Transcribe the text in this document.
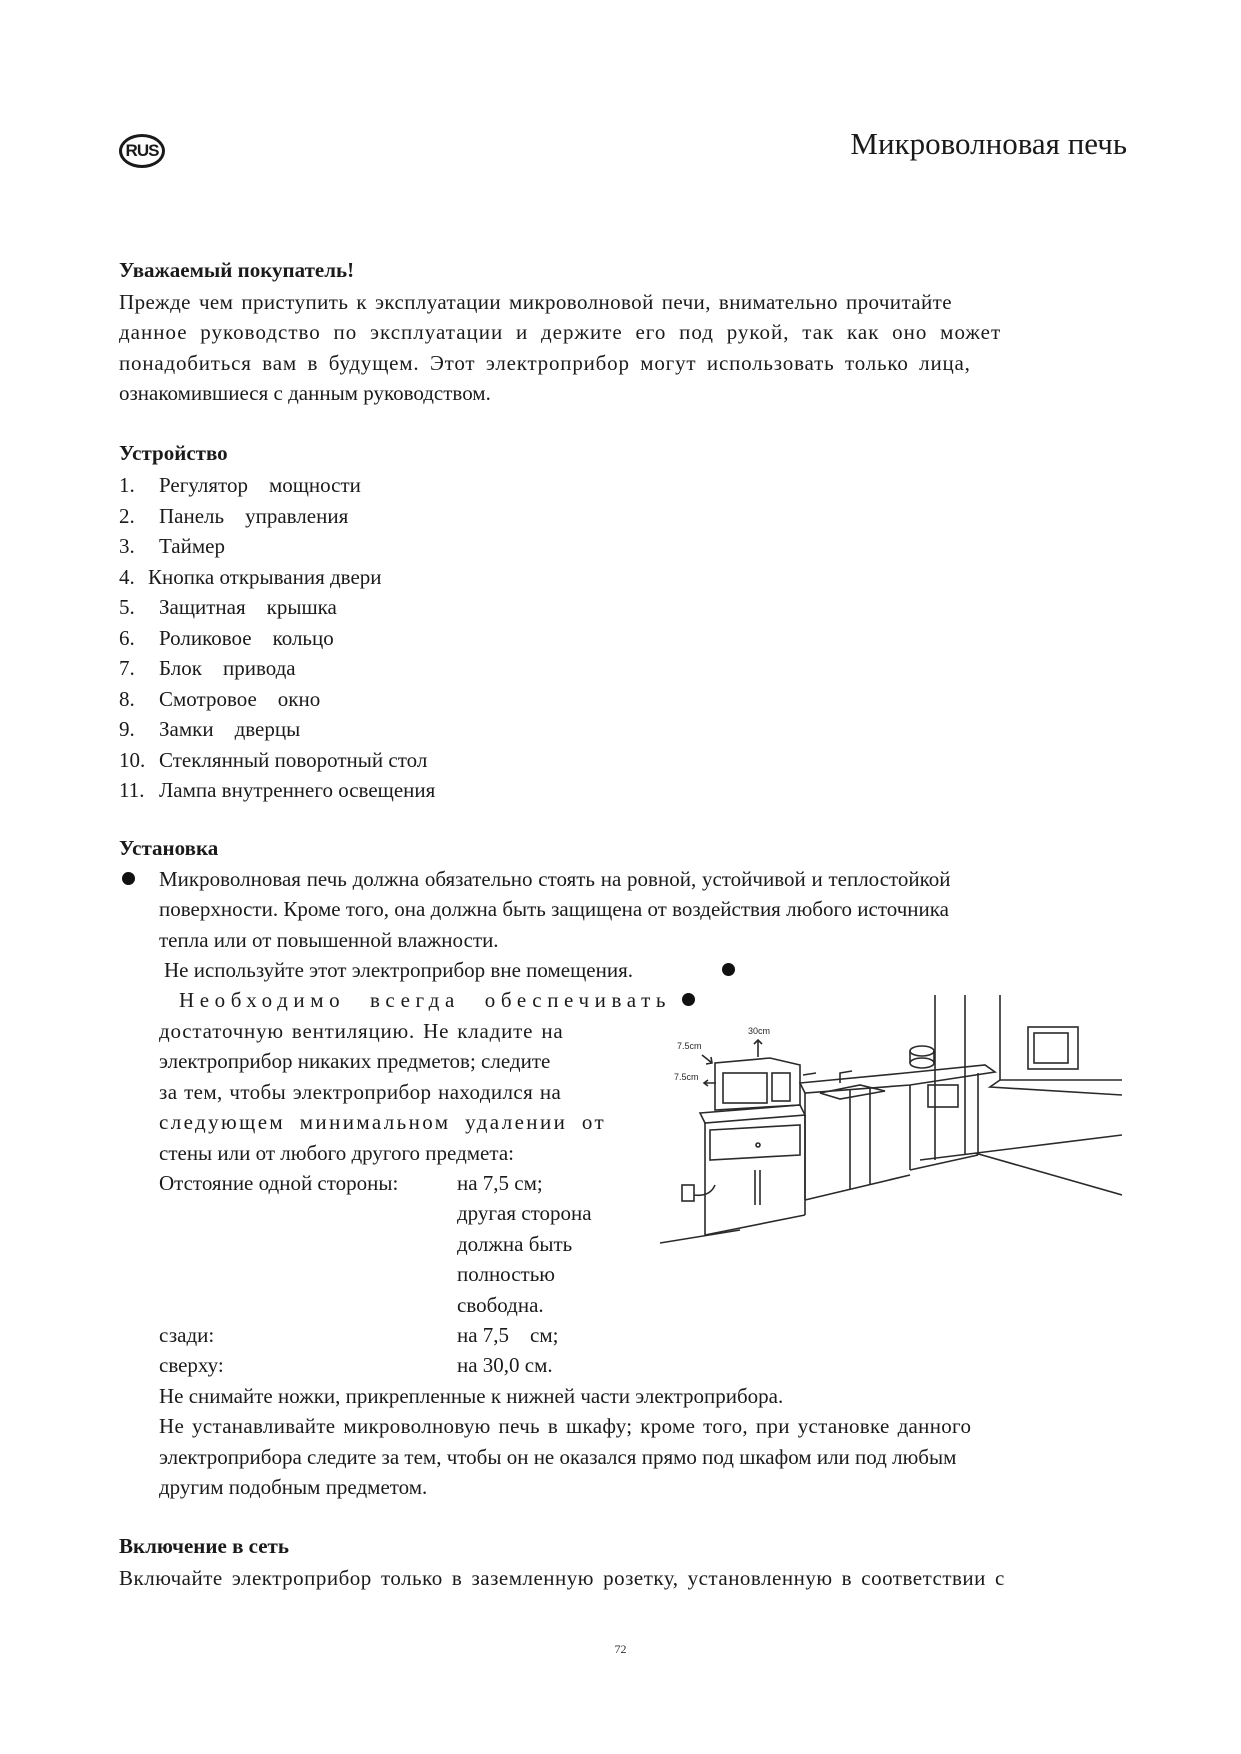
RUS	Микроволновая печь
Уважаемый покупатель!
Прежде чем приступить к эксплуатации микроволновой печи, внимательно прочитайте
данное руководство по эксплуатации и держите его под рукой, так как оно может
понадобиться вам в будущем. Этот электроприбор могут использовать только лица,
ознакомившиеся с данным руководством.
Устройство
1. Регулятор    мощности
2. Панель    управления
3. Таймер
4. Кнопка открывания двери
5. Защитная    крышка
6. Роликовое    кольцо
7. Блок    привода
8. Смотровое    окно
9. Замки    дверцы
10. Стеклянный поворотный стол
11. Лампа внутреннего освещения
Установка
Микроволновая печь должна обязательно стоять на ровной, устойчивой и теплостойкой
поверхности. Кроме того, она должна быть защищена от воздействия любого источника
тепла или от повышенной влажности.
Не используйте этот электроприбор вне помещения.
Необходимо всегда обеспечивать
достаточную вентиляцию. Не кладите на
электроприбор никаких предметов; следите
за тем, чтобы электроприбор находился на
следующем минимальном удалении от
стены или от любого другого предмета:
Отстояние одной стороны:	на 7,5 см;
другая сторона
должна быть
полностью
свободна.
сзади:	на 7,5    см;
сверху:	на 30,0 см.
Не снимайте ножки, прикрепленные к нижней части электроприбора.
Не устанавливайте микроволновую печь в шкафу; кроме того, при установке данного
электроприбора следите за тем, чтобы он не оказался прямо под шкафом или под любым
другим подобным предметом.
30cm
7.5cm
7.5cm
Включение в сеть
Включайте электроприбор только в заземленную розетку, установленную в соответствии с
72
